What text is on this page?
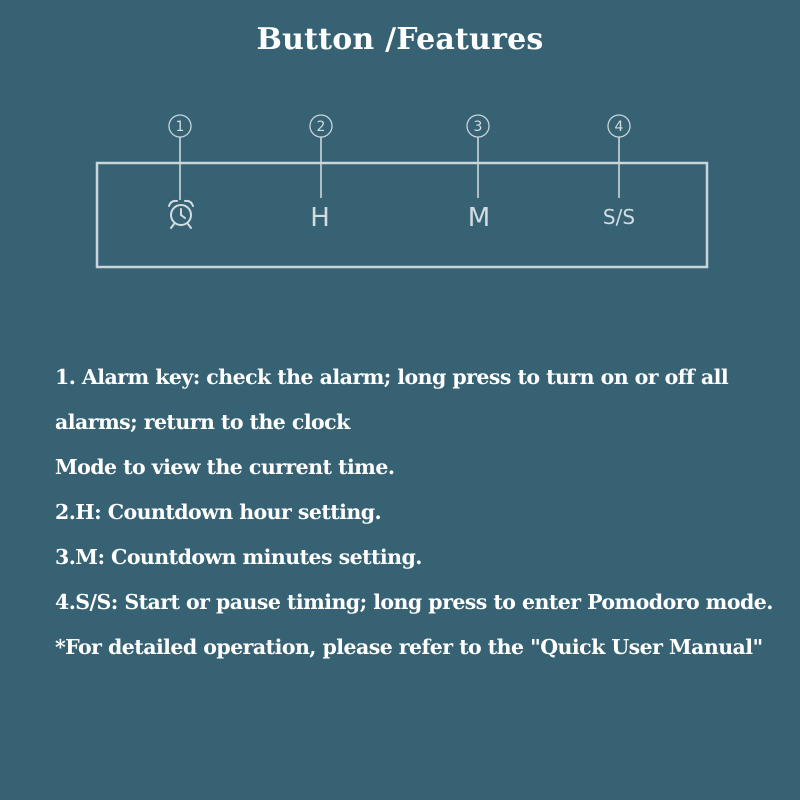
Button /Features
1	2
H
3
M
4
S/S
1. Alarm key: check the alarm; long press to turn on or off all
alarms; return to the clock
Mode to view the current time.
2.H: Countdown hour setting.
3.M: Countdown minutes setting.
4.S/S: Start or pause timing; long press to enter Pomodoro mode.
*For detailed operation, please refer to the "Quick User Manual"
